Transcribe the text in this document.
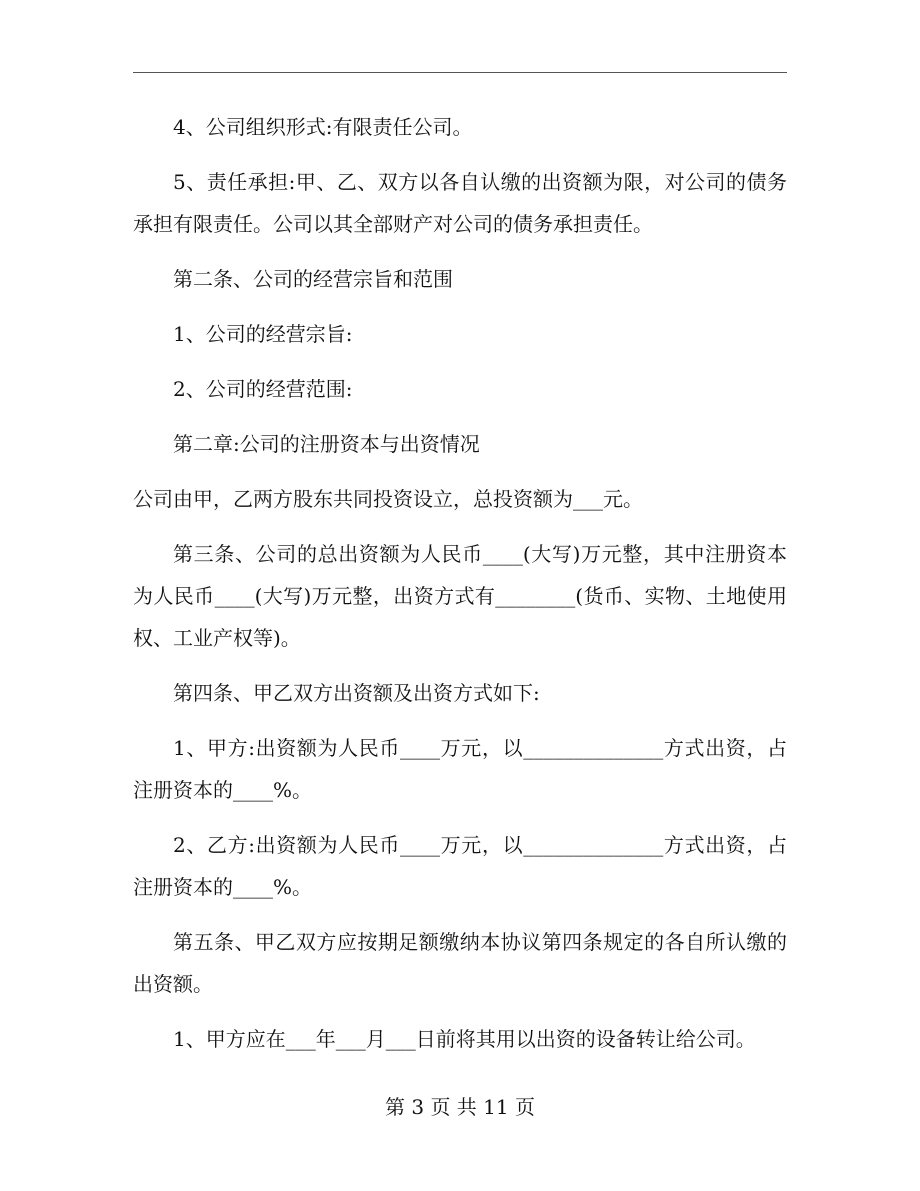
4、公司组织形式:有限责任公司。

5、责任承担:甲、乙、双方以各自认缴的出资额为限，对公司的债务承担有限责任。公司以其全部财产对公司的债务承担责任。

第二条、公司的经营宗旨和范围

1、公司的经营宗旨:

2、公司的经营范围:

第二章:公司的注册资本与出资情况

公司由甲，乙两方股东共同投资设立，总投资额为___元。

第三条、公司的总出资额为人民币____(大写)万元整，其中注册资本为人民币____(大写)万元整，出资方式有________(货币、实物、土地使用权、工业产权等)。

第四条、甲乙双方出资额及出资方式如下:

1、甲方:出资额为人民币____万元，以______________方式出资，占注册资本的____%。

2、乙方:出资额为人民币____万元，以______________方式出资，占注册资本的____%。

第五条、甲乙双方应按期足额缴纳本协议第四条规定的各自所认缴的出资额。

1、甲方应在___年___月___日前将其用以出资的设备转让给公司。

第 3 页 共 11 页
